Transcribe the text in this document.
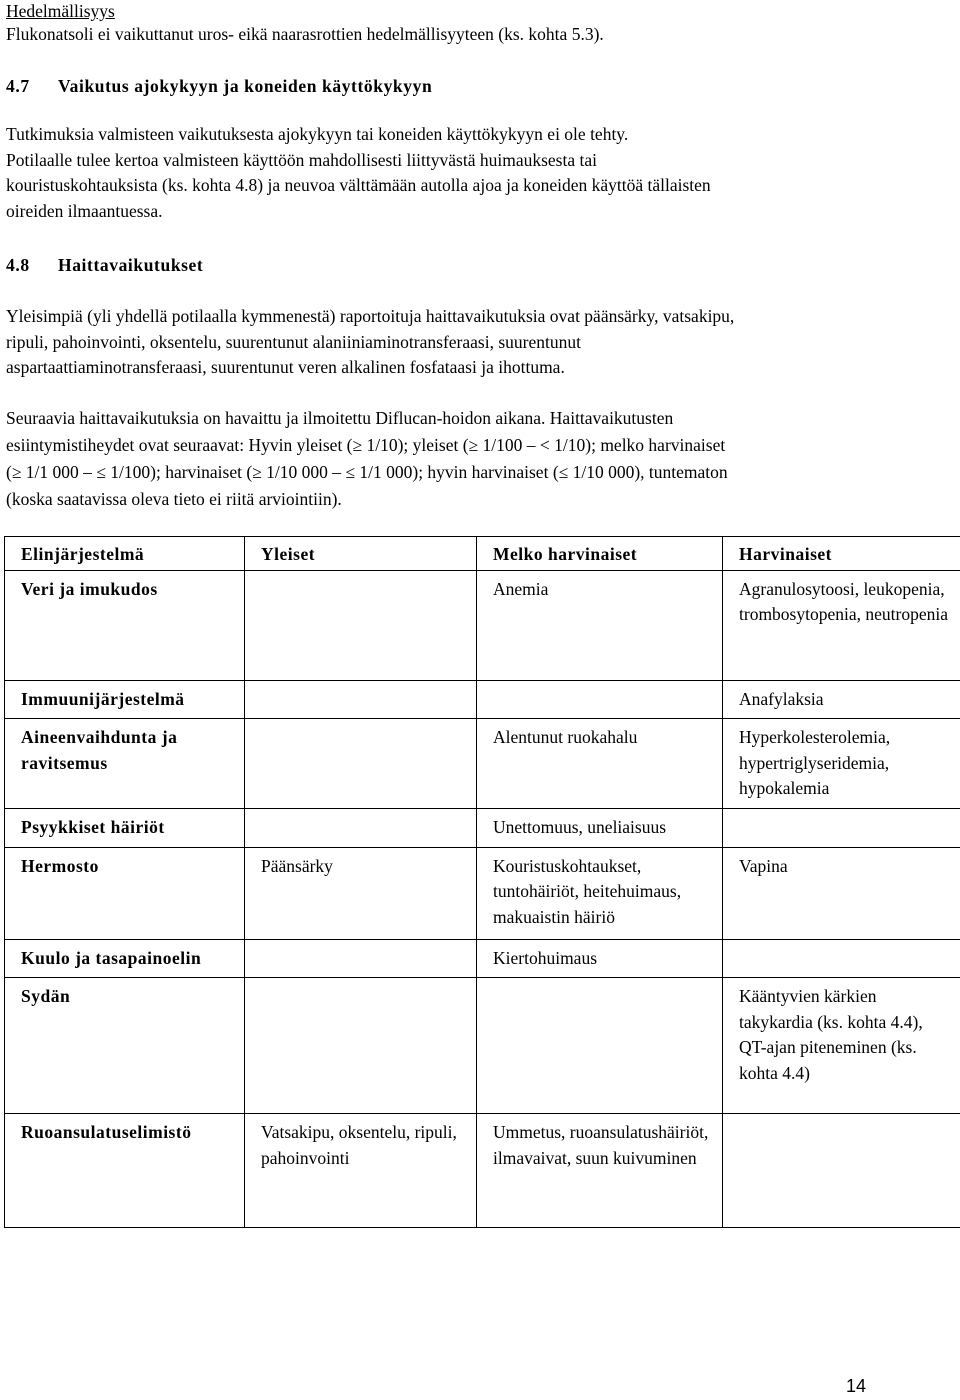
Hedelmällisyys

Flukonatsoli ei vaikuttanut uros- eikä naarasrottien hedelmällisyyteen (ks. kohta 5.3).

4.7 Vaikutus ajokykyyn ja koneiden käyttökykyyn

Tutkimuksia valmisteen vaikutuksesta ajokykyyn tai koneiden käyttökykyyn ei ole tehty.

Potilaalle tulee kertoa valmisteen käyttöön mahdollisesti liittyvästä huimauksesta tai

kouristuskohtauksista (ks. kohta 4.8) ja neuvoa välttämään autolla ajoa ja koneiden käyttöä tällaisten

oireiden ilmaantuessa.

4.8 Haittavaikutukset

Yleisimpiä (yli yhdellä potilaalla kymmenestä) raportoituja haittavaikutuksia ovat päänsärky, vatsakipu,

ripuli, pahoinvointi, oksentelu, suurentunut alaniiniaminotransferaasi, suurentunut

aspartaattiaminotransferaasi, suurentunut veren alkalinen fosfataasi ja ihottuma.

Seuraavia haittavaikutuksia on havaittu ja ilmoitettu Diflucan-hoidon aikana. Haittavaikutusten

esiintymistiheydet ovat seuraavat: Hyvin yleiset (≥ 1/10); yleiset (≥ 1/100 – < 1/10); melko harvinaiset

(≥ 1/1 000 – ≤ 1/100); harvinaiset (≥ 1/10 000 – ≤ 1/1 000); hyvin harvinaiset (≤ 1/10 000), tuntematon

(koska saatavissa oleva tieto ei riitä arviointiin).

Elinjärjestelmä	Yleiset	Melko harvinaiset	Harvinaiset
Veri ja imukudos		Anemia	Agranulosytoosi, leukopenia, trombosytopenia, neutropenia
Immuunijärjestelmä			Anafylaksia
Aineenvaihdunta ja ravitsemus		Alentunut ruokahalu	Hyperkolesterolemia, hypertriglyseridemia, hypokalemia
Psyykkiset häiriöt		Unettomuus, uneliaisuus	
Hermosto	Päänsärky	Kouristuskohtaukset, tuntohäiriöt, heitehuimaus, makuaistin häiriö	Vapina
Kuulo ja tasapainoelin		Kiertohuimaus	
Sydän			Kääntyvien kärkien takykardia (ks. kohta 4.4), QT-ajan piteneminen (ks. kohta 4.4)
Ruoansulatuselimistö	Vatsakipu, oksentelu, ripuli, pahoinvointi	Ummetus, ruoansulatushäiriöt, ilmavaivat, suun kuivuminen	
14
